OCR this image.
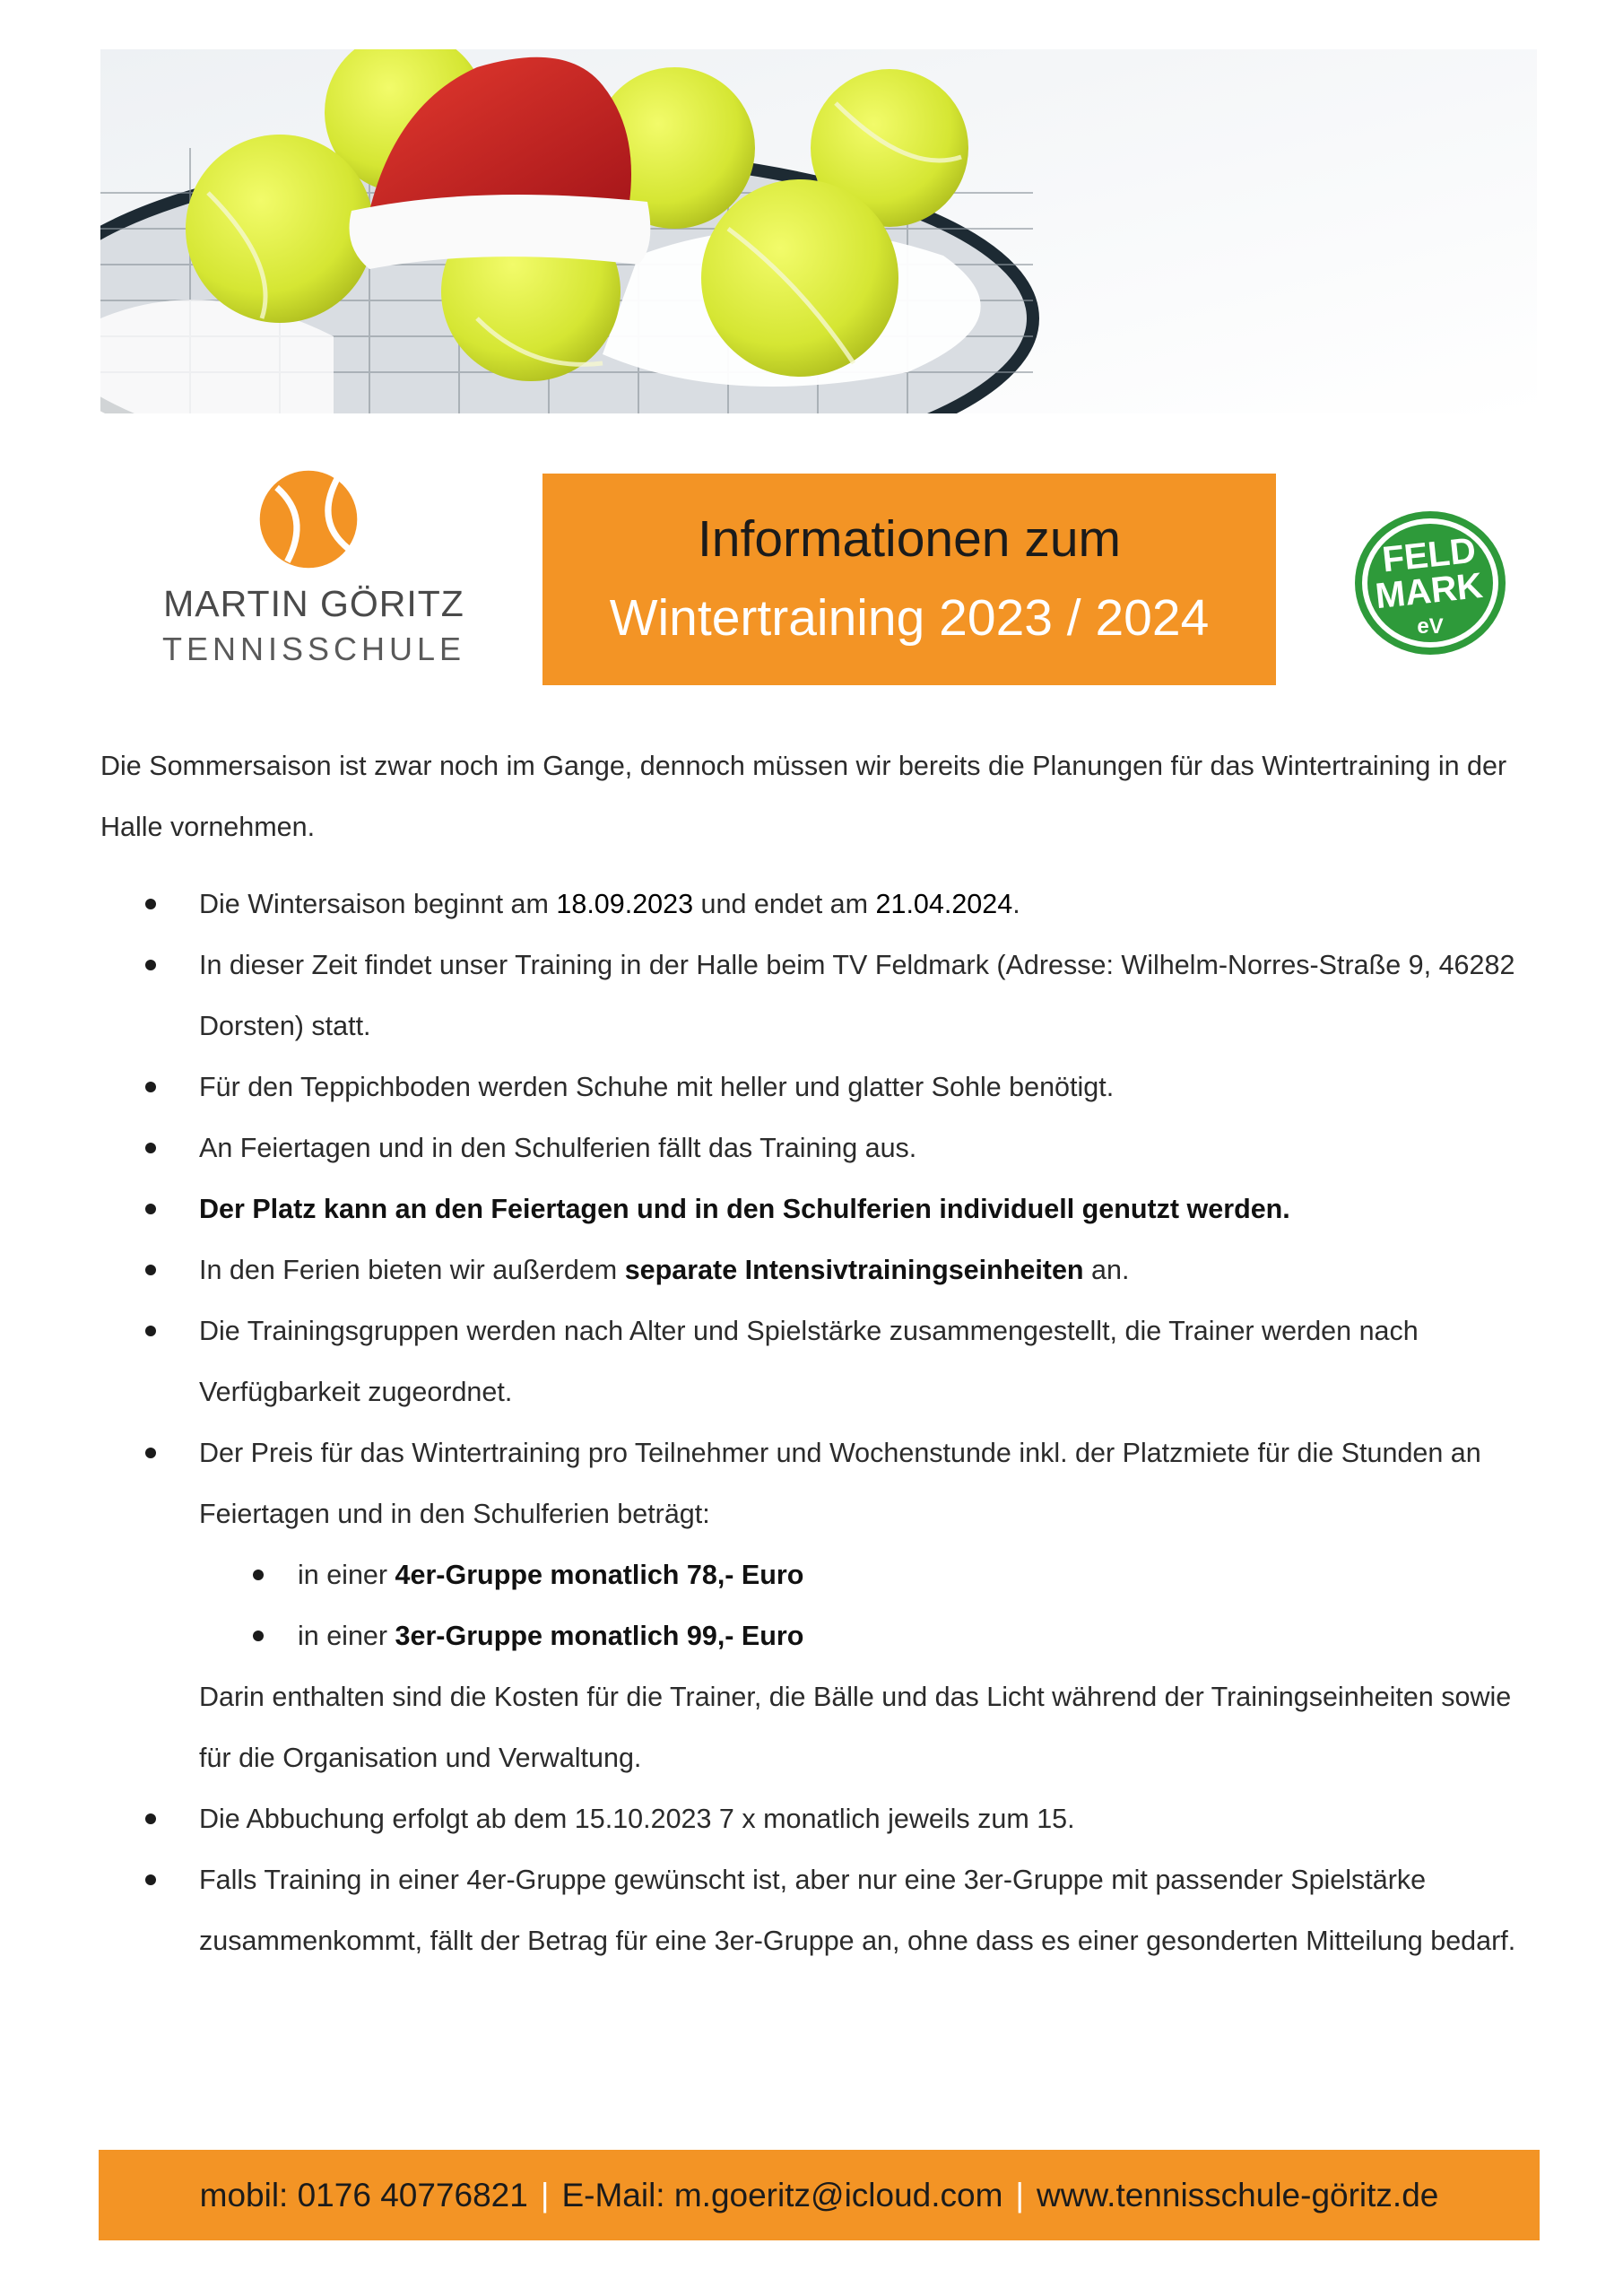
MARTIN GÖRITZ
TENNISSCHULE
Informationen zum
Wintertraining 2023 / 2024
FELD
MARK
eV

Die Sommersaison ist zwar noch im Gange, dennoch müssen wir bereits die Planungen für das Wintertraining in der Halle vornehmen.

Die Wintersaison beginnt am 18.09.2023 und endet am 21.04.2024.
In dieser Zeit findet unser Training in der Halle beim TV Feldmark (Adresse: Wilhelm-Norres-Straße 9, 46282 Dorsten) statt.
Für den Teppichboden werden Schuhe mit heller und glatter Sohle benötigt.
An Feiertagen und in den Schulferien fällt das Training aus.
Der Platz kann an den Feiertagen und in den Schulferien individuell genutzt werden.
In den Ferien bieten wir außerdem separate Intensivtrainingseinheiten an.
Die Trainingsgruppen werden nach Alter und Spielstärke zusammengestellt, die Trainer werden nach Verfügbarkeit zugeordnet.
Der Preis für das Wintertraining pro Teilnehmer und Wochenstunde inkl. der Platzmiete für die Stunden an Feiertagen und in den Schulferien beträgt:
in einer 4er-Gruppe monatlich 78,- Euro
in einer 3er-Gruppe monatlich 99,- Euro
Darin enthalten sind die Kosten für die Trainer, die Bälle und das Licht während der Trainingseinheiten sowie für die Organisation und Verwaltung.
Die Abbuchung erfolgt ab dem 15.10.2023 7 x monatlich jeweils zum 15.
Falls Training in einer 4er-Gruppe gewünscht ist, aber nur eine 3er-Gruppe mit passender Spielstärke zusammenkommt, fällt der Betrag für eine 3er-Gruppe an, ohne dass es einer gesonderten Mitteilung bedarf.
mobil: 0176 40776821 | E-Mail: m.goeritz@icloud.com | www.tennisschule-göritz.de
